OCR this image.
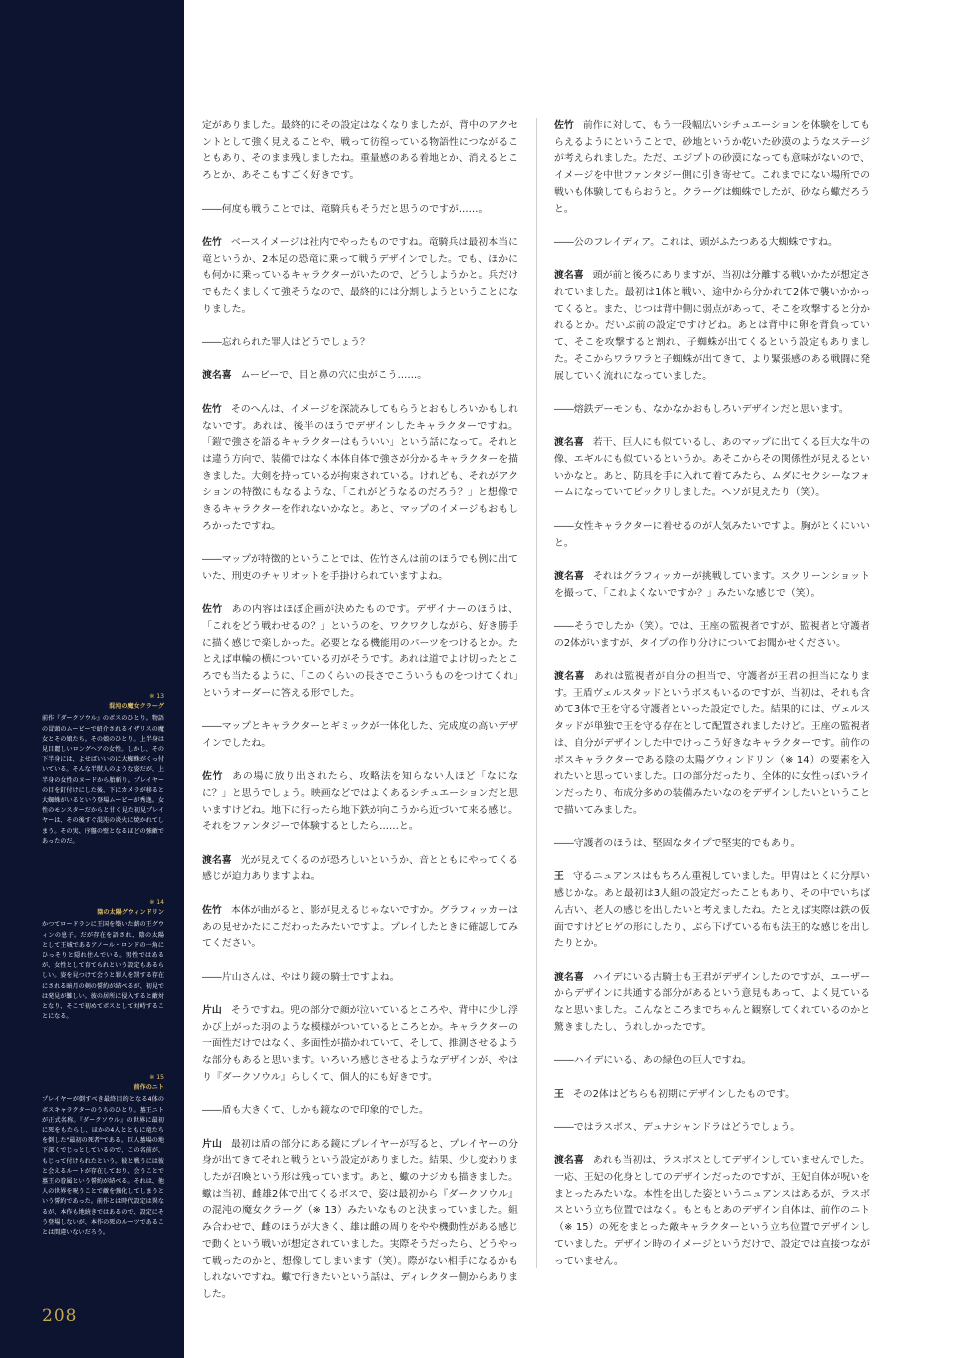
※ 13
混沌の魔女クラーグ
前作『ダークソウル』のボスのひとり。物語の冒頭のムービーで紹介されるイザリスの魔女とその娘たち。その娘のひとり。上半身は見目麗しいロングヘアの女性。しかし、その下半身には、よせばいいのに大蜘蛛がくっ付いている。そんな半獣人のような姿だが、上半身の女性のヌードから胎斬り。プレイヤーの目を釘付けにした後、下にカメラが移ると大蜘蛛がいるという登場ムービーが秀逸。女性のモンスターだからと甘く見た初見プレイヤーは、その後すぐ混沌の炎火に焼かれてしまう。その実、序盤の壁となるほどの強敵であったのだ。
※ 14
陰の太陽グウィンドリン
かつてロードランに王国を築いた薪の王グウィンの息子。だが存在を語され、陰の太陽として王城であるアノール・ロンドの一角にひっそりと隠れ住んでいる。男性ではあるが、女性として育てられという設定もあるらしい。姿を見つけて会うと罪人を罰する存在にされる暗月の剣の誓約が結べるが、初見では発見が難しい。彼の居所に侵入すると敵対となり、そこで初めてボスとして対峙することになる。
※ 15
前作のニト
プレイヤーが倒すべき最終目的となる4体のボスキャラクターのうちのひとり。墓王ニトが正式名称。『ダークソウル』の世界に最初に死をもたらし、ほかの4人とともに竜たちを倒した"最初の死者"である。巨人墓場の地下深くでじっとしているので、この名前が、もじって付けられたという。彼と戦うには彼と会えるルートが存在しており、会うことで墓王の眷属という誓約が結べる。それは、他人の世界を呪うことで敵を強化してしまうという誓約であった。前作とは時代設定は異なるが、本作も地続きではあるので、設定にそう登場しないが、本作の死のルーツであることは間違いないだろう。
208

定がありました。最終的にその設定はなくなりましたが、背中のアクセントとして強く見えることや、戦って彷徨っている物語性につながることもあり、そのまま残しましたね。重量感のある着地とか、消えるところとか、あそこもすごく好きです。

――何度も戦うことでは、竜騎兵もそうだと思うのですが……。

佐竹 ベースイメージは社内でやったものですね。竜騎兵は最初本当に竜というか、2本足の恐竜に乗って戦うデザインでした。でも、ほかにも何かに乗っているキャラクターがいたので、どうしようかと。兵だけでもたくましくて強そうなので、最終的には分割しようということになりました。

――忘れられた罪人はどうでしょう？

渡名喜 ムービーで、目と鼻の穴に虫がこう……。

佐竹 そのへんは、イメージを深読みしてもらうとおもしろいかもしれないです。あれは、後半のほうでデザインしたキャラクターですね。「鎧で強さを語るキャラクターはもういい」という話になって。それとは違う方向で、装備ではなく本体自体で強さが分かるキャラクターを描きました。大剣を持っているが拘束されている。けれども、それがアクションの特徴にもなるような、「これがどうなるのだろう？」と想像できるキャラクターを作れないかなと。あと、マップのイメージもおもしろかったですね。

――マップが特徴的ということでは、佐竹さんは前のほうでも例に出ていた、刑吏のチャリオットを手掛けられていますよね。

佐竹 あの内容はほぼ企画が決めたものです。デザイナーのほうは、「これをどう戦わせるの？」というのを、ワクワクしながら、好き勝手に描く感じで楽しかった。必要となる機能用のパーツをつけるとか。たとえば車輪の横についている刃がそうです。あれは道でよけ切ったところでも当たるように、「このくらいの長さでこういうものをつけてくれ」というオーダーに答える形でした。

――マップとキャラクターとギミックが一体化した、完成度の高いデザインでしたね。

佐竹 あの場に放り出されたら、攻略法を知らない人ほど「なになに？」と思うでしょう。映画などではよくあるシチュエーションだと思いますけどね。地下に行ったら地下鉄が向こうから近づいて来る感じ。それをファンタジーで体験するとしたら……と。

渡名喜 光が見えてくるのが恐ろしいというか、音とともにやってくる感じが迫力ありますよね。

佐竹 本体が曲がると、影が見えるじゃないですか。グラフィッカーはあの見せかたにこだわったみたいですよ。プレイしたときに確認してみてください。

――片山さんは、やはり鏡の騎士ですよね。

片山 そうですね。兜の部分で顔が泣いているところや、背中に少し浮かび上がった羽のような模様がついているところとか。キャラクターの一面性だけではなく、多面性が描かれていて、そして、推測させるような部分もあると思います。いろいろ感じさせるようなデザインが、やはり『ダークソウル』らしくて、個人的にも好きです。

――盾も大きくて、しかも鏡なので印象的でした。

片山 最初は盾の部分にある鏡にプレイヤーが写ると、プレイヤーの分身が出てきてそれと戦うという設定がありました。結果、少し変わりましたが召喚という形は残っています。あと、蠍のナジカも描きました。蠍は当初、雌雄2体で出てくるボスで、姿は最初から『ダークソウル』の混沌の魔女クラーグ（※ 13）みたいなものと決まっていました。組み合わせで、雌のほうが大きく、雄は雌の周りをやや機動性がある感じで動くという戦いが想定されていました。実際そうだったら、どうやって戦ったのかと、想像してしまいます（笑）。際がない相手になるかもしれないですね。蠍で行きたいという話は、ディレクター側からありました。

佐竹 前作に対して、もう一段幅広いシチュエーションを体験をしてもらえるようにということで、砂地というか乾いた砂漠のようなステージが考えられました。ただ、エジプトの砂漠になっても意味がないので、イメージを中世ファンタジー側に引き寄せて。これまでにない場所での戦いも体験してもらおうと。クラーグは蜘蛛でしたが、砂なら蠍だろうと。

――公のフレイディア。これは、頭がふたつある大蜘蛛ですね。

渡名喜 頭が前と後ろにありますが、当初は分離する戦いかたが想定されていました。最初は1体と戦い、途中から分かれて2体で襲いかかってくると。また、じつは背中側に弱点があって、そこを攻撃すると分かれるとか。だいぶ前の設定ですけどね。あとは背中に卵を背負っていて、そこを攻撃すると割れ、子蜘蛛が出てくるという設定もありました。そこからワラワラと子蜘蛛が出てきて、より緊張感のある戦闘に発展していく流れになっていました。

――熔鉄デーモンも、なかなかおもしろいデザインだと思います。

渡名喜 若干、巨人にも似ているし、あのマップに出てくる巨大な牛の像、エギルにも似ているというか。あそこからその関係性が見えるといいかなと。あと、防具を手に入れて着てみたら、ムダにセクシーなフォームになっていてビックリしました。ヘソが見えたり（笑）。

――女性キャラクターに着せるのが人気みたいですよ。胸がとくにいいと。

渡名喜 それはグラフィッカーが挑戦しています。スクリーンショットを撮って、「これよくないですか？」みたいな感じで（笑）。

――そうでしたか（笑）。では、王座の監視者ですが、監視者と守護者の2体がいますが、タイプの作り分けについてお聞かせください。

渡名喜 あれは監視者が自分の担当で、守護者が王君の担当になります。王盾ヴェルスタッドというボスもいるのですが、当初は、それも含めて3体で王を守る守護者といった設定でした。結果的には、ヴェルスタッドが単独で王を守る存在として配置されましたけど。王座の監視者は、自分がデザインした中でけっこう好きなキャラクターです。前作のボスキャラクターである陰の太陽グウィンドリン（※ 14）の要素を入れたいと思っていました。口の部分だったり、全体的に女性っぽいラインだったり、布成分多めの装備みたいなのをデザインしたいということで描いてみました。

――守護者のほうは、堅固なタイプで堅実的でもあり。

王 守るニュアンスはもちろん重視していました。甲冑はとくに分厚い感じかな。あと最初は3人組の設定だったこともあり、その中でいちばん古い、老人の感じを出したいと考えましたね。たとえば実際は鉄の仮面ですけどヒゲの形にしたり、ぶら下げている布も法王的な感じを出したりとか。

渡名喜 ハイデにいる古騎士も王君がデザインしたのですが、ユーザーからデザインに共通する部分があるという意見もあって、よく見ているなと思いました。こんなところまでちゃんと観察してくれているのかと驚きましたし、うれしかったです。

――ハイデにいる、あの緑色の巨人ですね。

王 その2体はどちらも初期にデザインしたものです。

――ではラスボス、デュナシャンドラはどうでしょう。

渡名喜 あれも当初は、ラスボスとしてデザインしていませんでした。一応、王妃の化身としてのデザインだったのですが、王妃自体が呪いをまとったみたいな。本性を出した姿というニュアンスはあるが、ラスボスという立ち位置ではなく。もともとあのデザイン自体は、前作のニト（※ 15）の死をまとった敵キャラクターという立ち位置でデザインしていました。デザイン時のイメージというだけで、設定では直接つながっていません。
